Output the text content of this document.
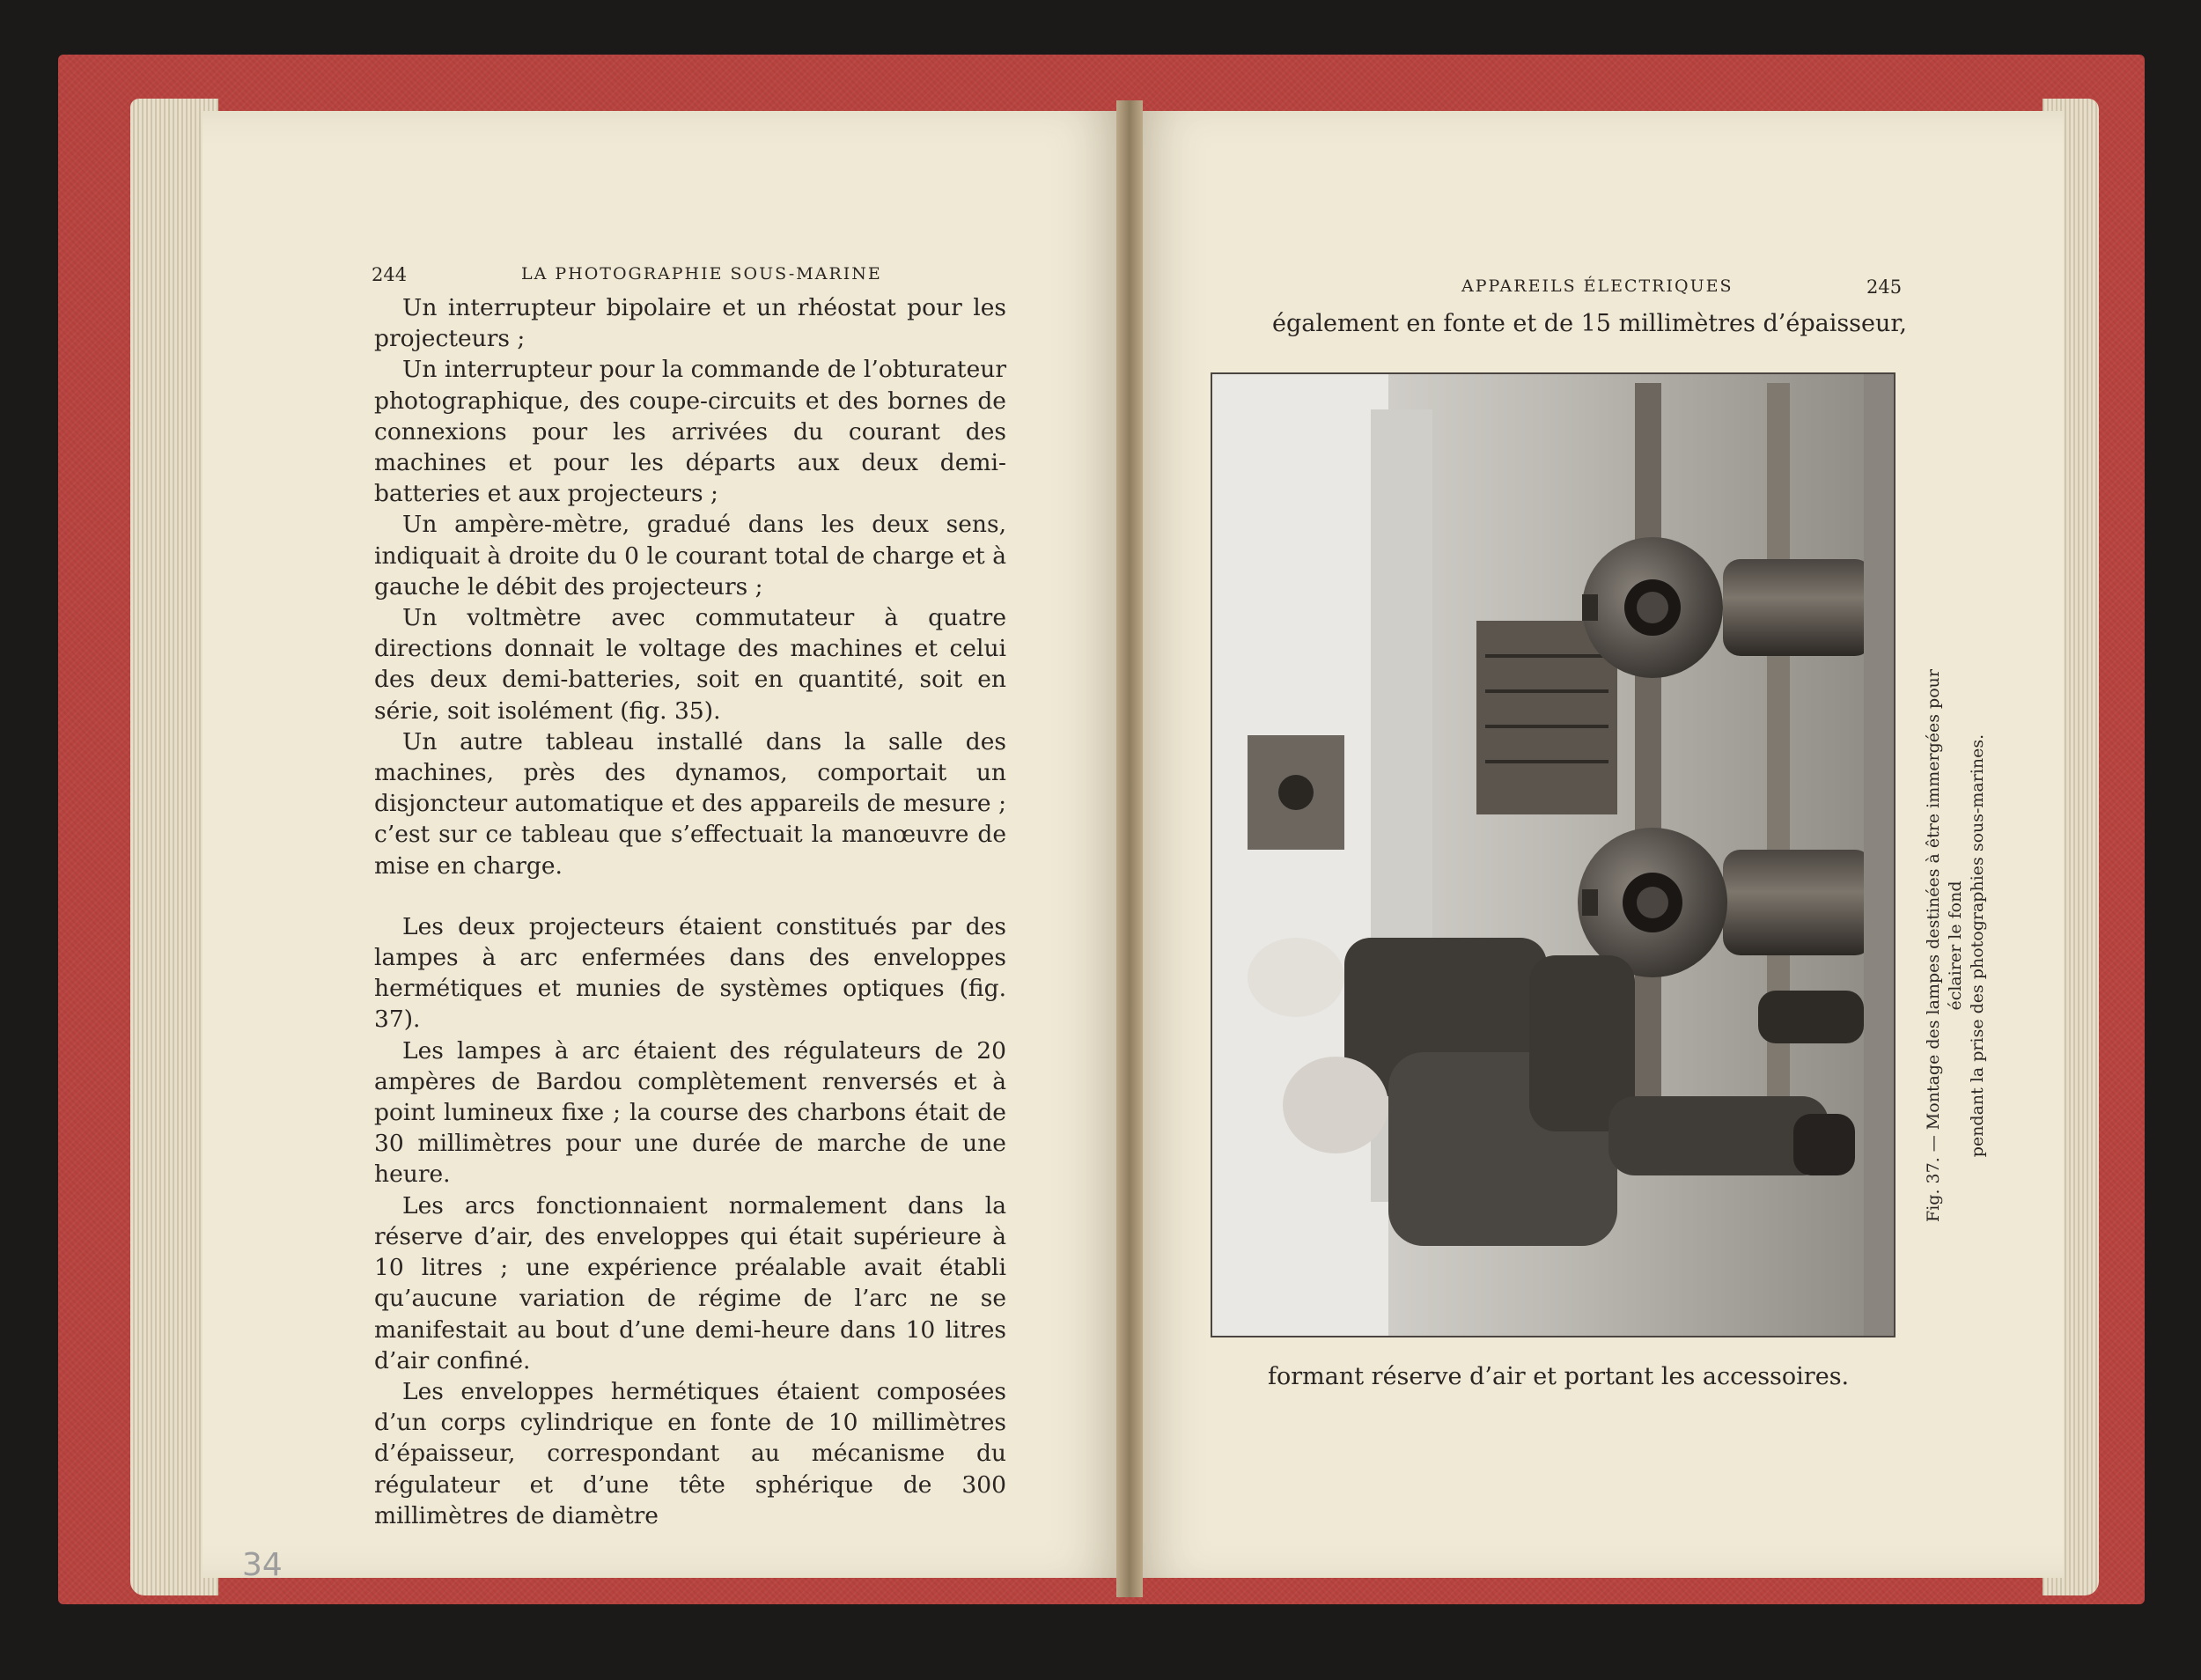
244	LA PHOTOGRAPHIE SOUS-MARINE

Un interrupteur bipolaire et un rhéostat pour les projecteurs ;

Un interrupteur pour la commande de l’obturateur photographique, des coupe-circuits et des bornes de connexions pour les arrivées du courant des machines et pour les départs aux deux demi-batteries et aux projecteurs ;

Un ampère-mètre, gradué dans les deux sens, indiquait à droite du 0 le courant total de charge et à gauche le débit des projecteurs ;

Un voltmètre avec commutateur à quatre directions donnait le voltage des machines et celui des deux demi-batteries, soit en quantité, soit en série, soit isolément (fig. 35).

Un autre tableau installé dans la salle des machines, près des dynamos, comportait un disjoncteur automatique et des appareils de mesure ; c’est sur ce tableau que s’effectuait la manœuvre de mise en charge.

Les deux projecteurs étaient constitués par des lampes à arc enfermées dans des enveloppes hermétiques et munies de systèmes optiques (fig. 37).

Les lampes à arc étaient des régulateurs de 20 ampères de Bardou complètement renversés et à point lumineux fixe ; la course des charbons était de 30 millimètres pour une durée de marche de une heure.

Les arcs fonctionnaient normalement dans la réserve d’air, des enveloppes qui était supérieure à 10 litres ; une expérience préalable avait établi qu’aucune variation de régime de l’arc ne se manifestait au bout d’une demi-heure dans 10 litres d’air confiné.

Les enveloppes hermétiques étaient composées d’un corps cylindrique en fonte de 10 millimètres d’épaisseur, correspondant au mécanisme du régulateur et d’une tête sphérique de 300 millimètres de diamètre

34
APPAREILS ÉLECTRIQUES	245
également en fonte et de 15 millimètres d’épaisseur,
Fig. 37. — Montage des lampes destinées à être immergées pour éclairer le fond pendant la prise des photographies sous-marines.
formant réserve d’air et portant les accessoires.
